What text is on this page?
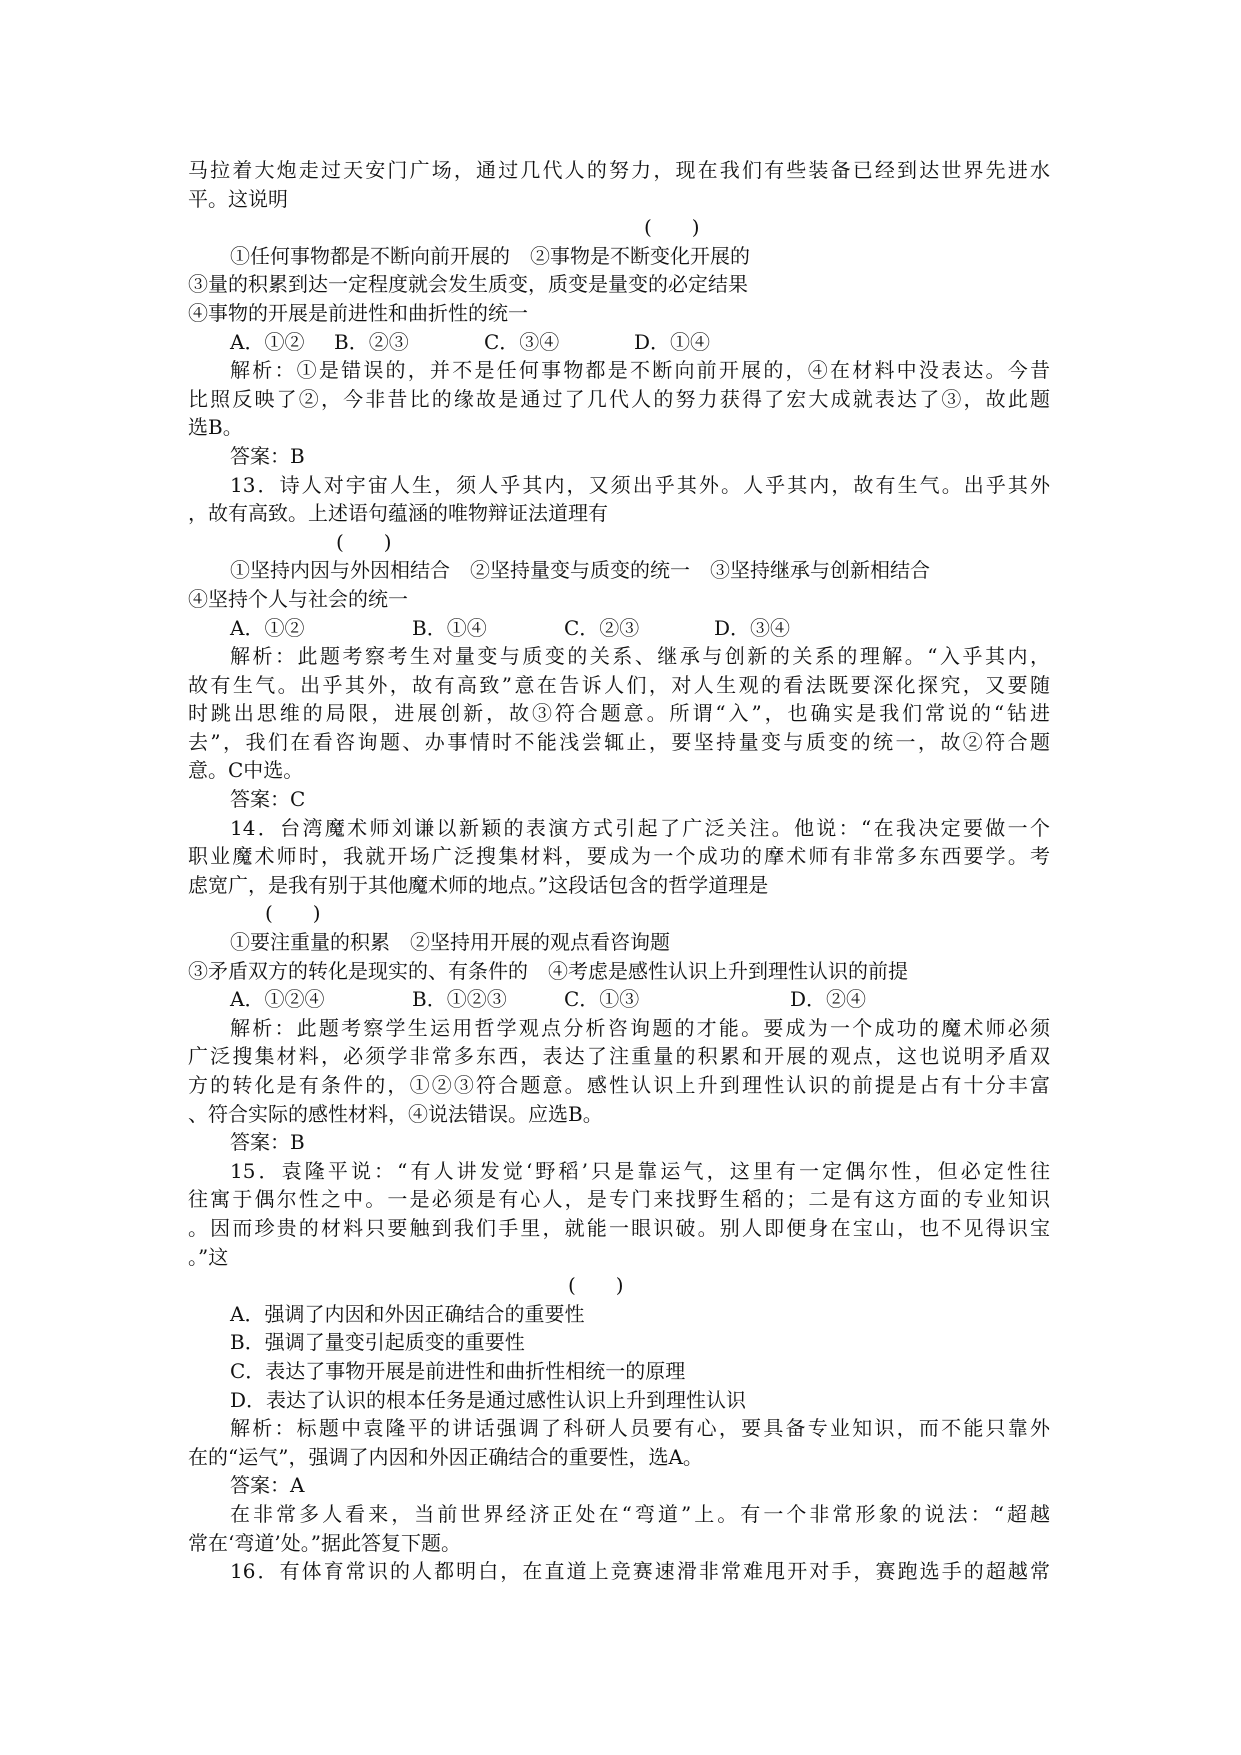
马拉着大炮走过天安门广场，通过几代人的努力，现在我们有些装备已经到达世界先进水
平。这说明
(　　)
①任何事物都是不断向前开展的　②事物是不断变化开展的
③量的积累到达一定程度就会发生质变，质变是量变的必定结果
④事物的开展是前进性和曲折性的统一
A．①② B．②③	C．③④	D．①④
解析：①是错误的，并不是任何事物都是不断向前开展的，④在材料中没表达。今昔
比照反映了②，今非昔比的缘故是通过了几代人的努力获得了宏大成就表达了③，故此题
选B。
答案：B
13．诗人对宇宙人生，须人乎其内，又须出乎其外。人乎其内，故有生气。出乎其外
，故有高致。上述语句蕴涵的唯物辩证法道理有
(　　)
①坚持内因与外因相结合　②坚持量变与质变的统一　③坚持继承与创新相结合
④坚持个人与社会的统一
A．①②	B．①④	C．②③	D．③④
解析：此题考察考生对量变与质变的关系、继承与创新的关系的理解。“入乎其内，
故有生气。出乎其外，故有高致”意在告诉人们，对人生观的看法既要深化探究，又要随
时跳出思维的局限，进展创新，故③符合题意。所谓“入”，也确实是我们常说的“钻进
去”，我们在看咨询题、办事情时不能浅尝辄止，要坚持量变与质变的统一，故②符合题
意。C中选。
答案：C
14．台湾魔术师刘谦以新颖的表演方式引起了广泛关注。他说：“在我决定要做一个
职业魔术师时，我就开场广泛搜集材料，要成为一个成功的摩术师有非常多东西要学。考
虑宽广，是我有别于其他魔术师的地点。”这段话包含的哲学道理是
(　　)
①要注重量的积累　②坚持用开展的观点看咨询题
③矛盾双方的转化是现实的、有条件的　④考虑是感性认识上升到理性认识的前提
A．①②④	B．①②③	C．①③	D．②④
解析：此题考察学生运用哲学观点分析咨询题的才能。要成为一个成功的魔术师必须
广泛搜集材料，必须学非常多东西，表达了注重量的积累和开展的观点，这也说明矛盾双
方的转化是有条件的，①②③符合题意。感性认识上升到理性认识的前提是占有十分丰富
、符合实际的感性材料，④说法错误。应选B。
答案：B
15．袁隆平说：“有人讲发觉‘野稻’只是靠运气，这里有一定偶尔性，但必定性往
往寓于偶尔性之中。一是必须是有心人，是专门来找野生稻的；二是有这方面的专业知识
。因而珍贵的材料只要触到我们手里，就能一眼识破。别人即便身在宝山，也不见得识宝
。”这
(　　)
A．强调了内因和外因正确结合的重要性
B．强调了量变引起质变的重要性
C．表达了事物开展是前进性和曲折性相统一的原理
D．表达了认识的根本任务是通过感性认识上升到理性认识
解析：标题中袁隆平的讲话强调了科研人员要有心，要具备专业知识，而不能只靠外
在的“运气”，强调了内因和外因正确结合的重要性，选A。
答案：A
在非常多人看来，当前世界经济正处在“弯道”上。有一个非常形象的说法：“超越
常在‘弯道’处。”据此答复下题。
16．有体育常识的人都明白，在直道上竞赛速滑非常难甩开对手，赛跑选手的超越常
